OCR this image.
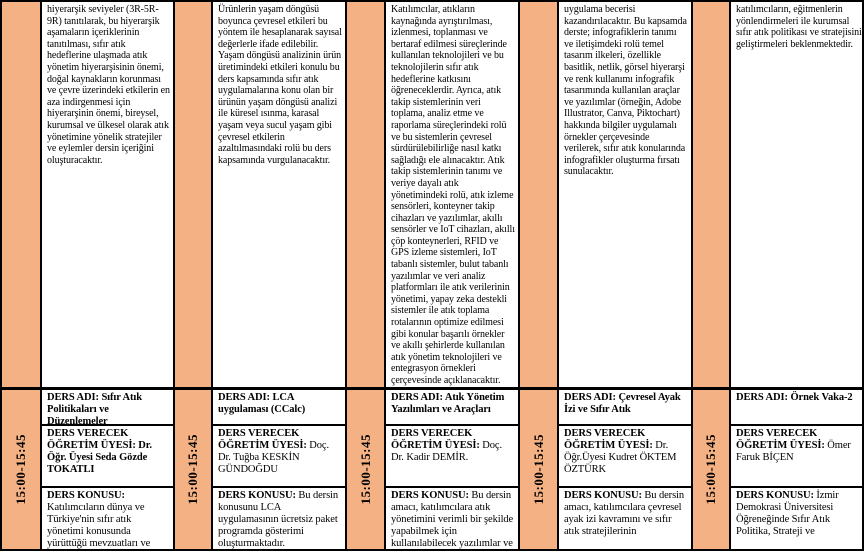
hiyerarşik seviyeler (3R-5R-9R) tanıtılarak, bu hiyerarşik aşamaların içeriklerinin tanıtılması, sıfır atık hedeflerine ulaşmada atık yönetim hiyerarşisinin önemi, doğal kaynakların korunması ve çevre üzerindeki etkilerin en aza indirgenmesi için hiyerarşinin önemi, bireysel, kurumsal ve ülkesel olarak atık yönetimine yönelik stratejiler ve eylemler dersin içeriğini oluşturacaktır.
Ürünlerin yaşam döngüsü boyunca çevresel etkileri bu yöntem ile hesaplanarak sayısal değerlerle ifade edilebilir. Yaşam döngüsü analizinin ürün üretimindeki etkileri konulu bu ders kapsamında sıfır atık uygulamalarına konu olan bir ürünün yaşam döngüsü analizi ile küresel ısınma, karasal yaşam veya sucul yaşam gibi çevresel etkilerin azaltılmasındaki rolü bu ders kapsamında vurgulanacaktır.
Katılımcılar, atıkların kaynağında ayrıştırılması, izlenmesi, toplanması ve bertaraf edilmesi süreçlerinde kullanılan teknolojileri ve bu teknolojilerin sıfır atık hedeflerine katkısını öğreneceklerdir. Ayrıca, atık takip sistemlerinin veri toplama, analiz etme ve raporlama süreçlerindeki rolü ve bu sistemlerin çevresel sürdürülebilirliğe nasıl katkı sağladığı ele alınacaktır. Atık takip sistemlerinin tanımı ve veriye dayalı atık yönetimindeki rolü, atık izleme sensörleri, konteyner takip cihazları ve yazılımlar, akıllı sensörler ve IoT cihazları, akıllı çöp konteynerleri, RFID ve GPS izleme sistemleri, IoT tabanlı sistemler, bulut tabanlı yazılımlar ve veri analiz platformları ile atık verilerinin yönetimi, yapay zeka destekli sistemler ile atık toplama rotalarının optimize edilmesi gibi konular başarılı örnekler ve akıllı şehirlerde kullanılan atık yönetim teknolojileri ve entegrasyon örnekleri çerçevesinde açıklanacaktır.
uygulama becerisi kazandırılacaktır. Bu kapsamda derste; infografiklerin tanımı ve iletişimdeki rolü temel tasarım ilkeleri, özellikle basitlik, netlik, görsel hiyerarşi ve renk kullanımı infografik tasarımında kullanılan araçlar ve yazılımlar (örneğin, Adobe Illustrator, Canva, Piktochart) hakkında bilgiler uygulamalı örnekler çerçevesinde verilerek, sıfır atık konularında infografikler oluşturma fırsatı sunulacaktır.
katılımcıların, eğitmenlerin yönlendirmeleri ile kurumsal sıfır atık politikası ve stratejisini geliştirmeleri beklenmektedir.
15:00-15:45
DERS ADI: Sıfır Atık Politikaları ve Düzenlemeler
DERS VERECEK ÖĞRETİM ÜYESİ: Dr. Öğr. Üyesi Seda Gözde TOKATLI
DERS KONUSU: Katılımcıların dünya ve Türkiye'nin sıfır atık yönetimi konusunda yürüttüğü mevzuatları ve
15:00-15:45
DERS ADI: LCA uygulaması (CCalc)
DERS VERECEK ÖĞRETİM ÜYESİ: Doç. Dr. Tuğba KESKİN GÜNDOĞDU
DERS KONUSU: Bu dersin konusunu LCA uygulamasının ücretsiz paket programda gösterimi oluşturmaktadır.
15:00-15:45
DERS ADI: Atık Yönetim Yazılımları ve Araçları
DERS VERECEK ÖĞRETİM ÜYESİ: Doç. Dr. Kadir DEMİR.
DERS KONUSU: Bu dersin amacı, katılımcılara atık yönetimini verimli bir şekilde yapabilmek için kullanılabilecek yazılımlar ve
15:00-15:45
DERS ADI: Çevresel Ayak İzi ve Sıfır Atık
DERS VERECEK ÖĞRETİM ÜYESİ: Dr. Öğr.Üyesi Kudret ÖKTEM ÖZTÜRK
DERS KONUSU: Bu dersin amacı, katılımcılara çevresel ayak izi kavramını ve sıfır atık stratejilerinin
15:00-15:45
DERS ADI: Örnek Vaka-2
DERS VERECEK ÖĞRETİM ÜYESİ: Ömer Faruk BİÇEN
DERS KONUSU: İzmir Demokrasi Üniversitesi Öğreneğinde Sıfır Atık Politika, Strateji ve
